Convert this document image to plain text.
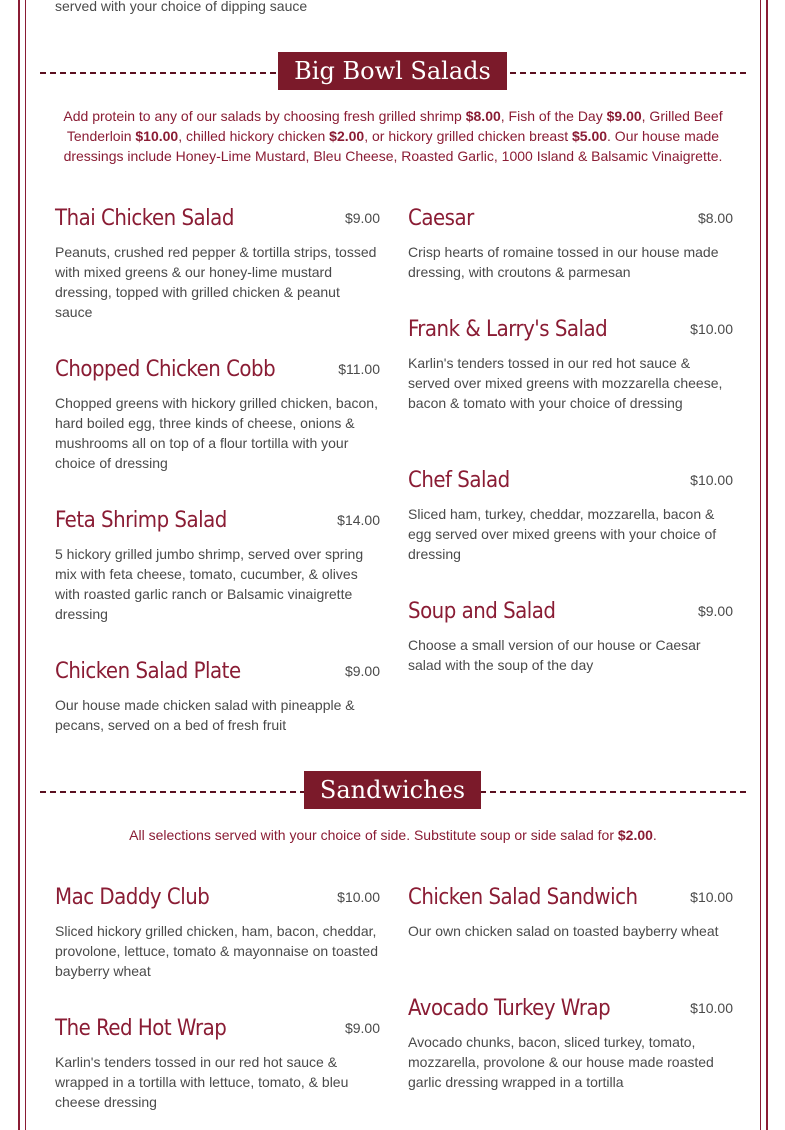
served with your choice of dipping sauce
Big Bowl Salads
Add protein to any of our salads by choosing fresh grilled shrimp $8.00, Fish of the Day $9.00, Grilled Beef Tenderloin $10.00, chilled hickory chicken $2.00, or hickory grilled chicken breast $5.00. Our house made dressings include Honey-Lime Mustard, Bleu Cheese, Roasted Garlic, 1000 Island & Balsamic Vinaigrette.
Thai Chicken Salad	$9.00
Peanuts, crushed red pepper & tortilla strips, tossed with mixed greens & our honey-lime mustard dressing, topped with grilled chicken & peanut sauce
Chopped Chicken Cobb	$11.00
Chopped greens with hickory grilled chicken, bacon, hard boiled egg, three kinds of cheese, onions & mushrooms all on top of a flour tortilla with your choice of dressing
Feta Shrimp Salad	$14.00
5 hickory grilled jumbo shrimp, served over spring mix with feta cheese, tomato, cucumber, & olives with roasted garlic ranch or Balsamic vinaigrette dressing
Chicken Salad Plate	$9.00
Our house made chicken salad with pineapple & pecans, served on a bed of fresh fruit
Caesar	$8.00
Crisp hearts of romaine tossed in our house made dressing, with croutons & parmesan
Frank & Larry's Salad	$10.00
Karlin's tenders tossed in our red hot sauce & served over mixed greens with mozzarella cheese, bacon & tomato with your choice of dressing
Chef Salad	$10.00
Sliced ham, turkey, cheddar, mozzarella, bacon & egg served over mixed greens with your choice of dressing
Soup and Salad	$9.00
Choose a small version of our house or Caesar salad with the soup of the day
Sandwiches
All selections served with your choice of side. Substitute soup or side salad for $2.00.
Mac Daddy Club	$10.00
Sliced hickory grilled chicken, ham, bacon, cheddar, provolone, lettuce, tomato & mayonnaise on toasted bayberry wheat
The Red Hot Wrap	$9.00
Karlin's tenders tossed in our red hot sauce & wrapped in a tortilla with lettuce, tomato, & bleu cheese dressing
Chicken Salad Sandwich	$10.00
Our own chicken salad on toasted bayberry wheat
Avocado Turkey Wrap	$10.00
Avocado chunks, bacon, sliced turkey, tomato, mozzarella, provolone & our house made roasted garlic dressing wrapped in a tortilla
